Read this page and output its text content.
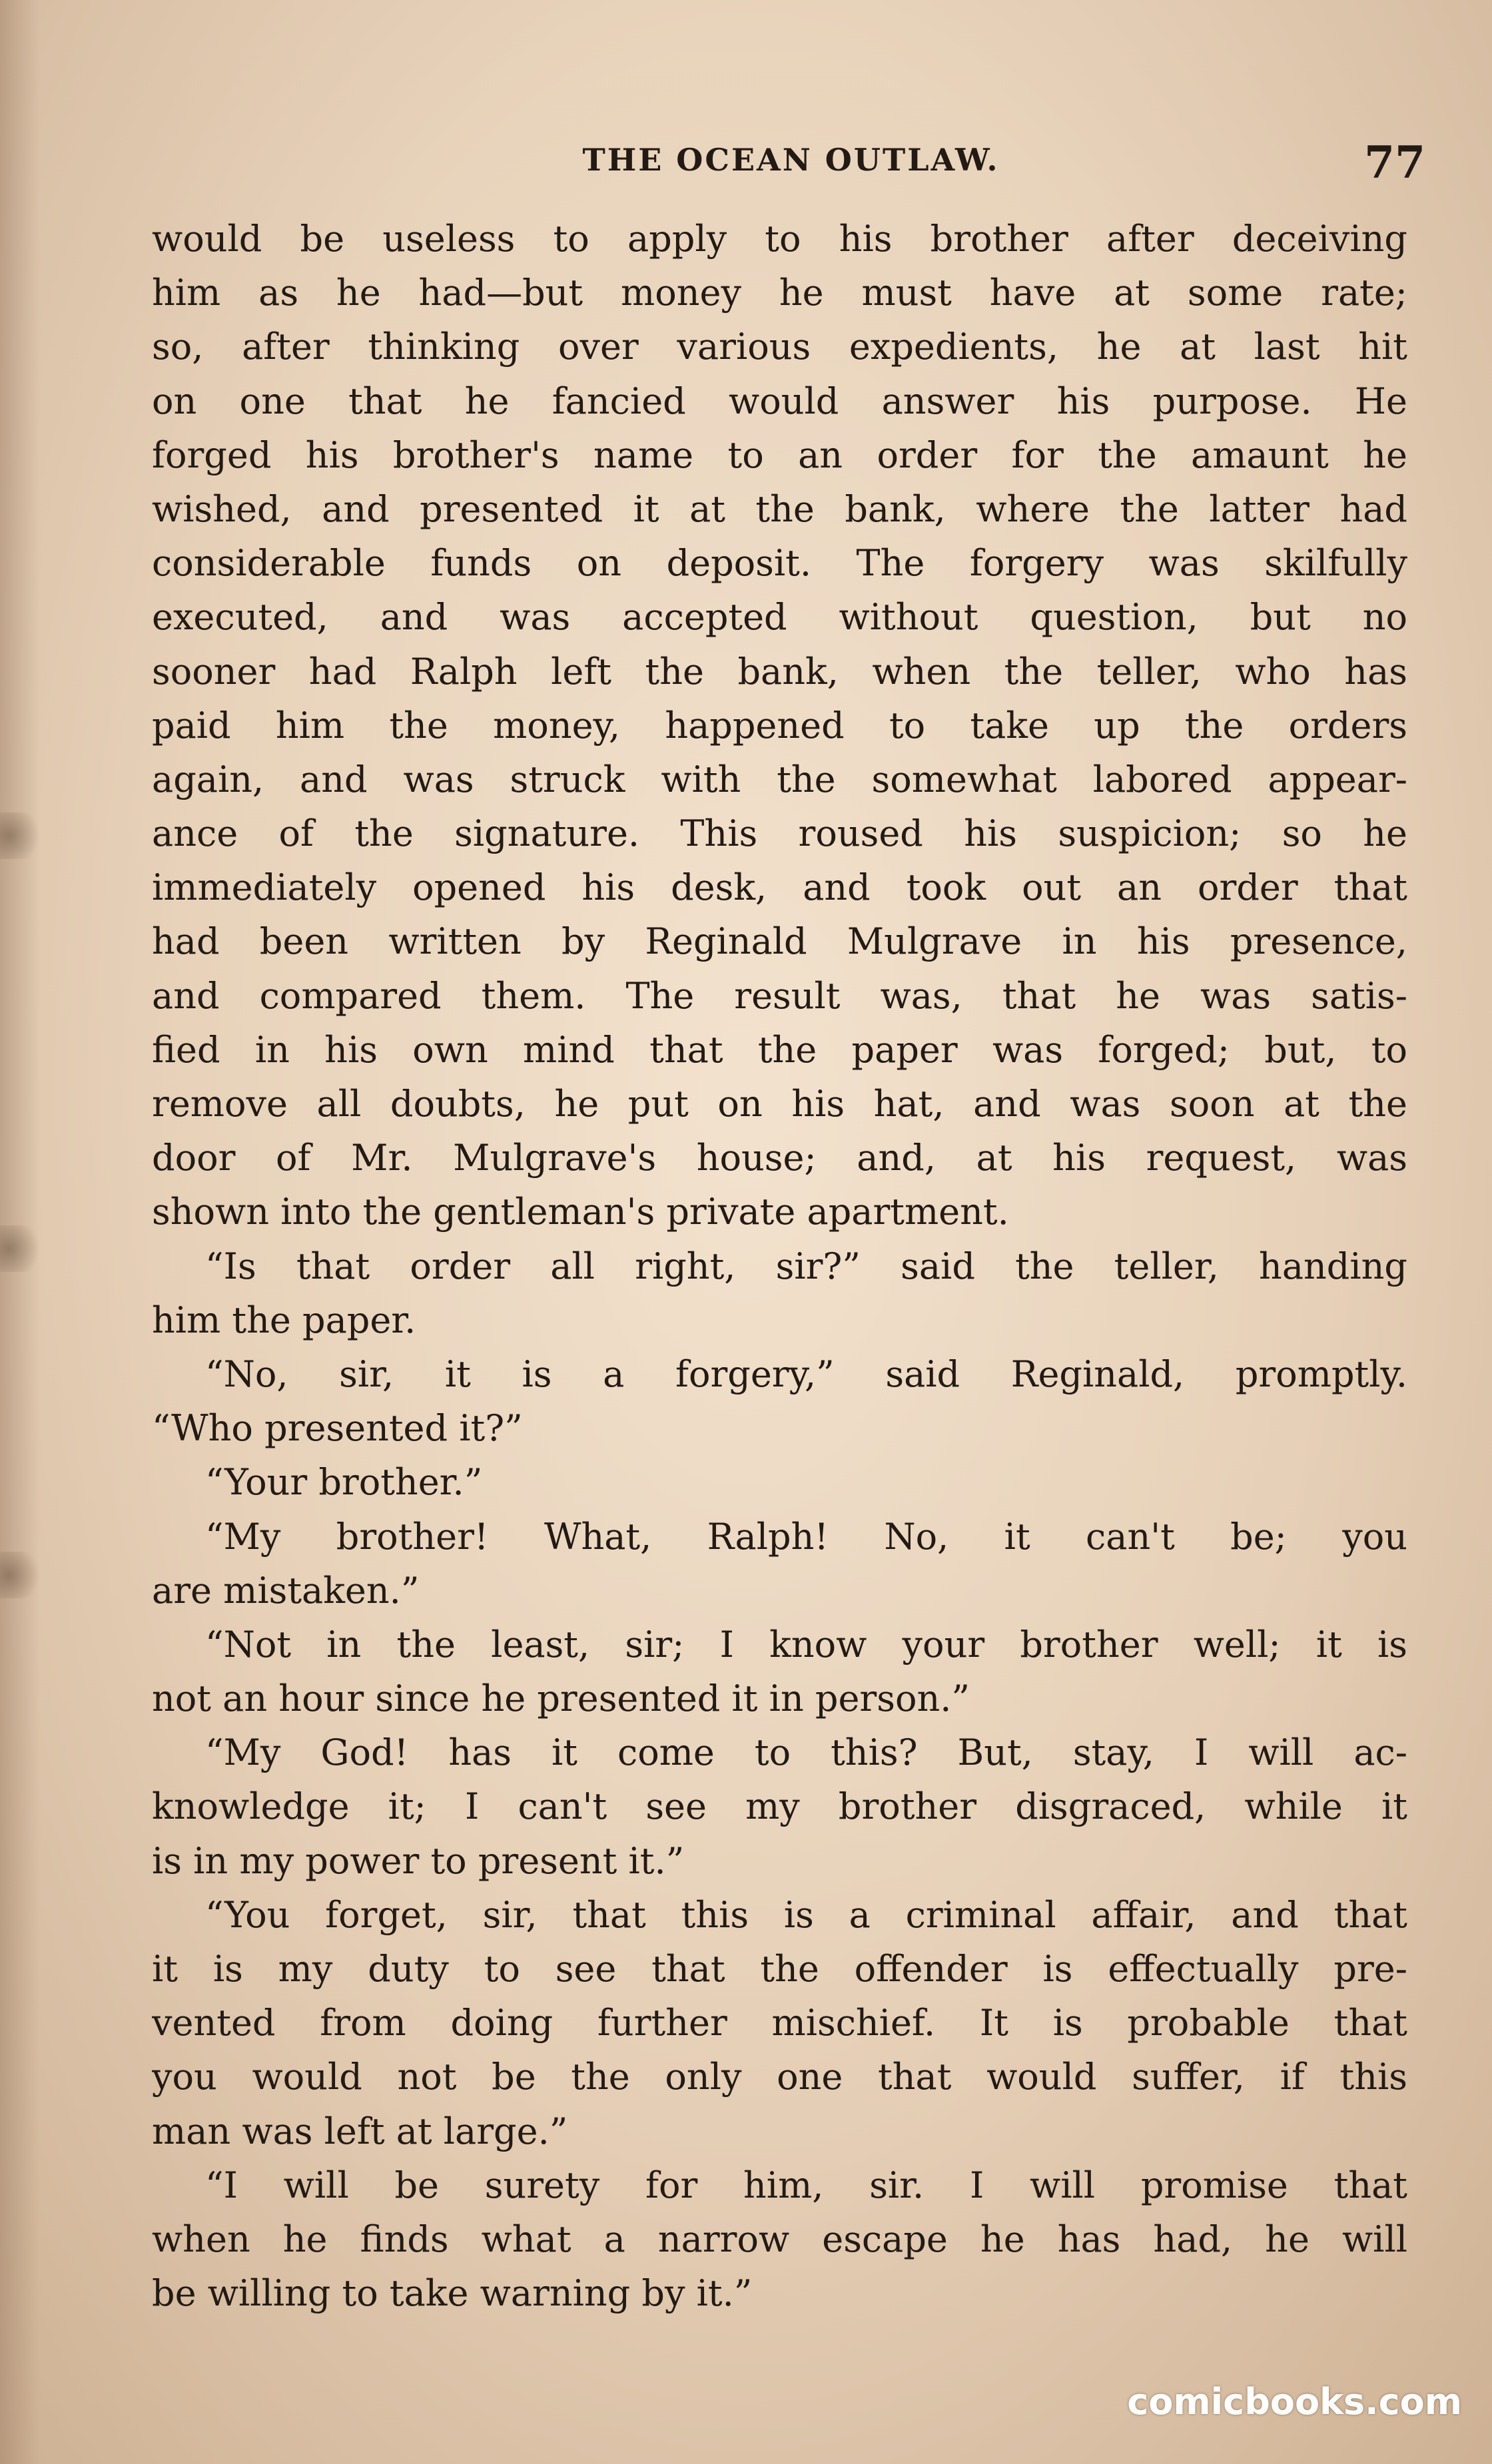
THE OCEAN OUTLAW.	77
would be useless to apply to his brother after deceiving
him as he had—but money he must have at some rate;
so, after thinking over various expedients, he at last hit
on one that he fancied would answer his purpose. He
forged his brother's name to an order for the amaunt he
wished, and presented it at the bank, where the latter had
considerable funds on deposit. The forgery was skilfully
executed, and was accepted without question, but no
sooner had Ralph left the bank, when the teller, who has
paid him the money, happened to take up the orders
again, and was struck with the somewhat labored appear-
ance of the signature. This roused his suspicion; so he
immediately opened his desk, and took out an order that
had been written by Reginald Mulgrave in his presence,
and compared them. The result was, that he was satis-
fied in his own mind that the paper was forged; but, to
remove all doubts, he put on his hat, and was soon at the
door of Mr. Mulgrave's house; and, at his request, was
shown into the gentleman's private apartment.
“Is that order all right, sir?” said the teller, handing
him the paper.
“No, sir, it is a forgery,” said Reginald, promptly.
“Who presented it?”
“Your brother.”
“My brother! What, Ralph! No, it can't be; you
are mistaken.”
“Not in the least, sir; I know your brother well; it is
not an hour since he presented it in person.”
“My God! has it come to this? But, stay, I will ac-
knowledge it; I can't see my brother disgraced, while it
is in my power to present it.”
“You forget, sir, that this is a criminal affair, and that
it is my duty to see that the offender is effectually pre-
vented from doing further mischief. It is probable that
you would not be the only one that would suffer, if this
man was left at large.”
“I will be surety for him, sir. I will promise that
when he finds what a narrow escape he has had, he will
be willing to take warning by it.”
comicbooks.com
